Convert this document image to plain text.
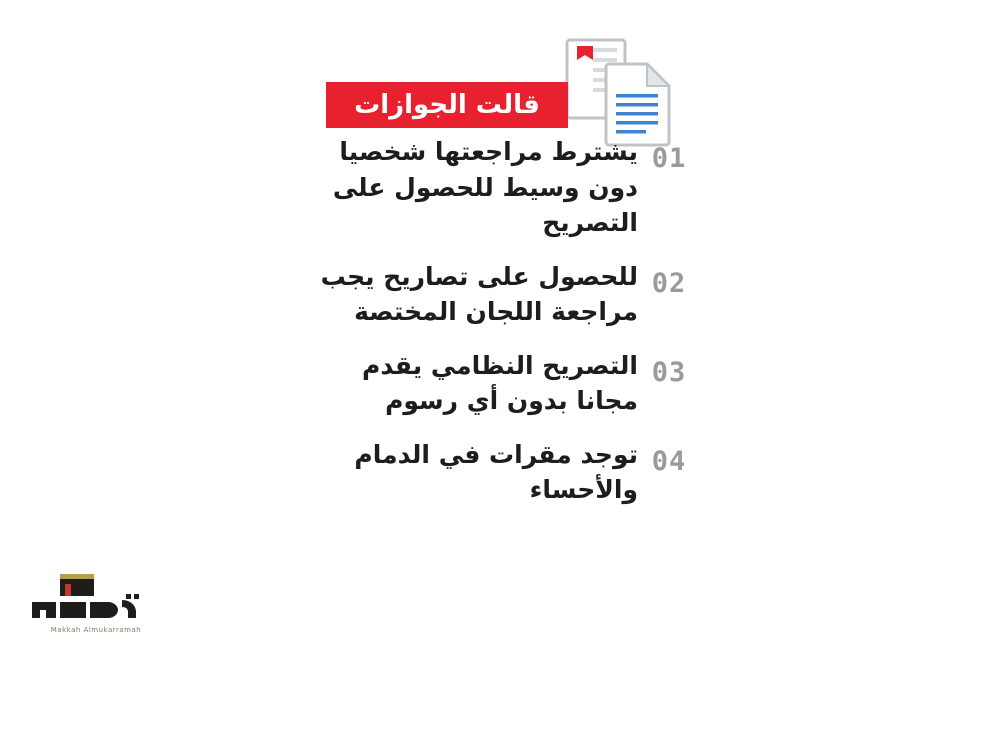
قالت الجوازات
01
يشترط مراجعتها شخصيا دون وسيط للحصول على التصريح
02
للحصول على تصاريح يجب مراجعة اللجان المختصة
03
التصريح النظامي يقدم مجانا بدون أي رسوم
04
توجد مقرات في الدمام والأحساء
Makkah Almukarramah
